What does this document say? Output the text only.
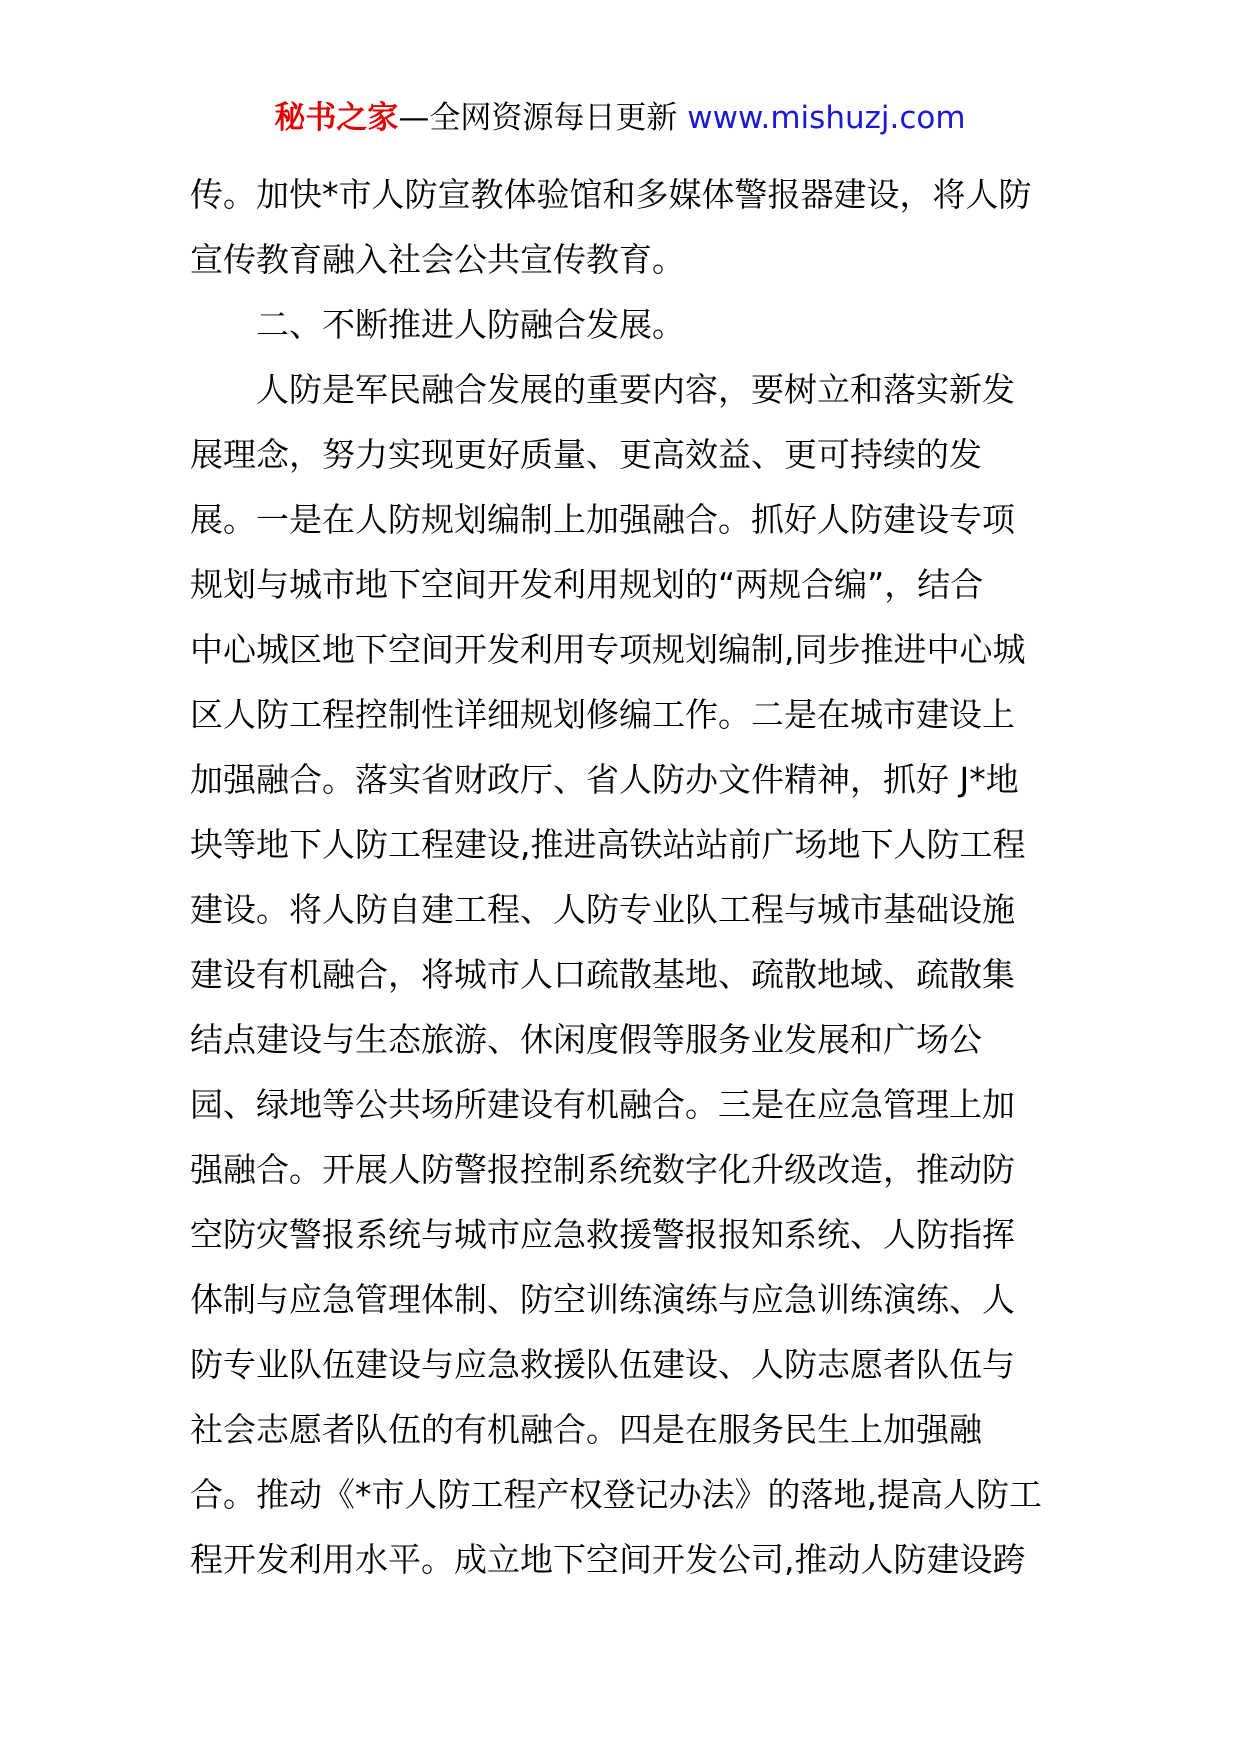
秘书之家—全网资源每日更新 www.mishuzj.com
传。加快*市人防宣教体验馆和多媒体警报器建设，将人防
宣传教育融入社会公共宣传教育。
二、不断推进人防融合发展。
人防是军民融合发展的重要内容，要树立和落实新发
展理念，努力实现更好质量、更高效益、更可持续的发
展。一是在人防规划编制上加强融合。抓好人防建设专项
规划与城市地下空间开发利用规划的“两规合编”，结合
中心城区地下空间开发利用专项规划编制,同步推进中心城
区人防工程控制性详细规划修编工作。二是在城市建设上
加强融合。落实省财政厅、省人防办文件精神，抓好 J*地
块等地下人防工程建设,推进高铁站站前广场地下人防工程
建设。将人防自建工程、人防专业队工程与城市基础设施
建设有机融合，将城市人口疏散基地、疏散地域、疏散集
结点建设与生态旅游、休闲度假等服务业发展和广场公
园、绿地等公共场所建设有机融合。三是在应急管理上加
强融合。开展人防警报控制系统数字化升级改造，推动防
空防灾警报系统与城市应急救援警报报知系统、人防指挥
体制与应急管理体制、防空训练演练与应急训练演练、人
防专业队伍建设与应急救援队伍建设、人防志愿者队伍与
社会志愿者队伍的有机融合。四是在服务民生上加强融
合。推动《*市人防工程产权登记办法》的落地,提高人防工
程开发利用水平。成立地下空间开发公司,推动人防建设跨
